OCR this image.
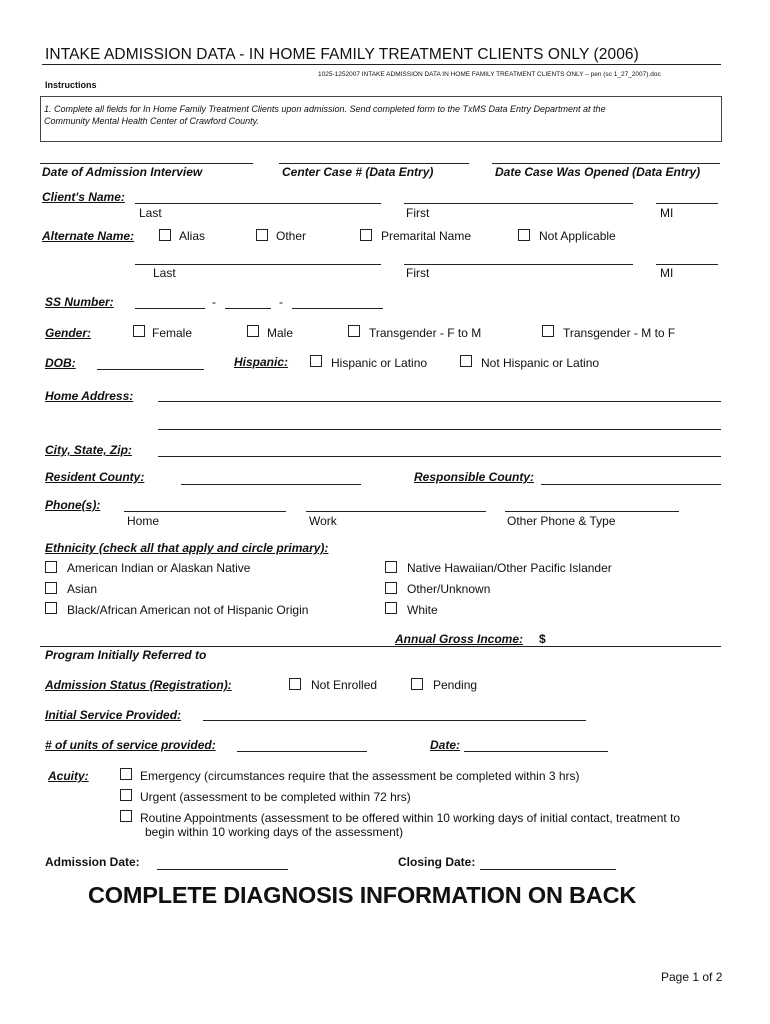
INTAKE ADMISSION DATA - IN HOME FAMILY TREATMENT CLIENTS ONLY (2006)
1025-1252007 INTAKE ADMISSION DATA IN HOME FAMILY TREATMENT CLIENTS ONLY – pen (sc 1_27_2007).doc
Instructions
1. Complete all fields for In Home Family Treatment Clients upon admission. Send completed form to the TxMS Data Entry Department at the
Community Mental Health Center of Crawford County.
Date of Admission Interview	Center Case # (Data Entry)	Date Case Was Opened (Data Entry)
Client's Name:
Last	First	MI
Alternate Name:	Alias	Other	Premarital Name	Not Applicable
Last	First	MI
SS Number:	-	-
Gender:	Female	Male	Transgender - F to M	Transgender - M to F
DOB:	Hispanic:	Hispanic or Latino	Not Hispanic or Latino
Home Address:
City, State, Zip:
Resident County:	Responsible County:
Phone(s):
Home	Work	Other Phone & Type
Ethnicity (check all that apply and circle primary):
American Indian or Alaskan Native
Asian
Black/African American not of Hispanic Origin
Native Hawaiian/Other Pacific Islander
Other/Unknown
White
Annual Gross Income: $
Program Initially Referred to
Admission Status (Registration):	Not Enrolled	Pending
Initial Service Provided:
# of units of service provided:	Date:
Acuity:	Emergency (circumstances require that the assessment be completed within 3 hrs)
Urgent (assessment to be completed within 72 hrs)
Routine Appointments (assessment to be offered within 10 working days of initial contact, treatment to
begin within 10 working days of the assessment)
Admission Date:	Closing Date:
COMPLETE DIAGNOSIS INFORMATION ON BACK
Page 1 of 2
